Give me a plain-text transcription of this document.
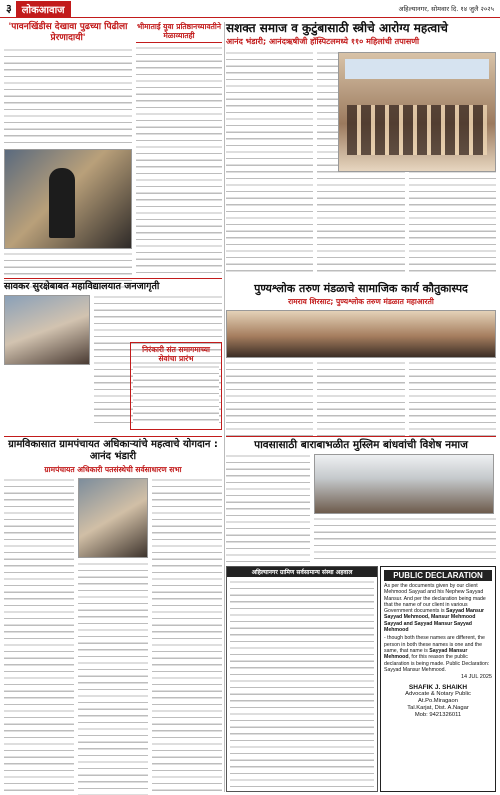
३	लोकआवाज	अहिल्यानगर, सोमवार दि. १४ जुलै २०२५
'पावनखिंडीस देखावा पुढच्या पिढीला प्रेरणादायी'
भीमाताई युवा प्रतिष्ठानच्यावतीने मेळाव्यातही
सशक्त समाज व कुटुंबासाठी स्त्रीचे आरोग्य महत्वाचे
आनंद भंडारी; आनंदऋषीजी हॉस्पिटलमध्ये ११० महिलांची तपासणी
सावकर सुरक्षेबाबत महाविद्यालयात जनजागृती
निरंकारी संत समागमाच्या सेवांचा प्रारंभ
पुण्यश्लोक तरुण मंडळाचे सामाजिक कार्य कौतुकास्पद
रामराव शिरसाट; पुण्यश्लोक तरुण मंडळात महाआरती
ग्रामविकासात ग्रामपंचायत अधिकाऱ्यांचे महत्वाचे योगदान : आनंद भंडारी
ग्रामपंचायत अधिकारी पतसंस्थेची सर्वसाधारण सभा
पावसासाठी बाराबाभळीत मुस्लिम बांधवांची विशेष नमाज
अहिल्यानगर ग्रामिण सर्वसामान्य संस्था अहवाल	PUBLIC DECLARATION

As per the documents given by our client Mehmood Sayyad and his Nephew Sayyad Mansur. And per the declaration being made that the name of our client in various Government documents is Sayyad Mansur Sayyad Mehmood, Mansur Mehmood Sayyad and Sayyad Mansur Sayyad Mehmood

- though both these names are different, the person in both these names is one and the same, that name is Sayyad Mansur Mehmood, for this reason the public declaration is being made. Public Declaration: Sayyad Mansur Mehmood.

14 JUL 2025
SHAFIK J. SHAIKH
Advocate & Notary Public
At.Po.Miragaon
Tal.Karjat, Dist. A.Nagar
Mob: 9421326011
